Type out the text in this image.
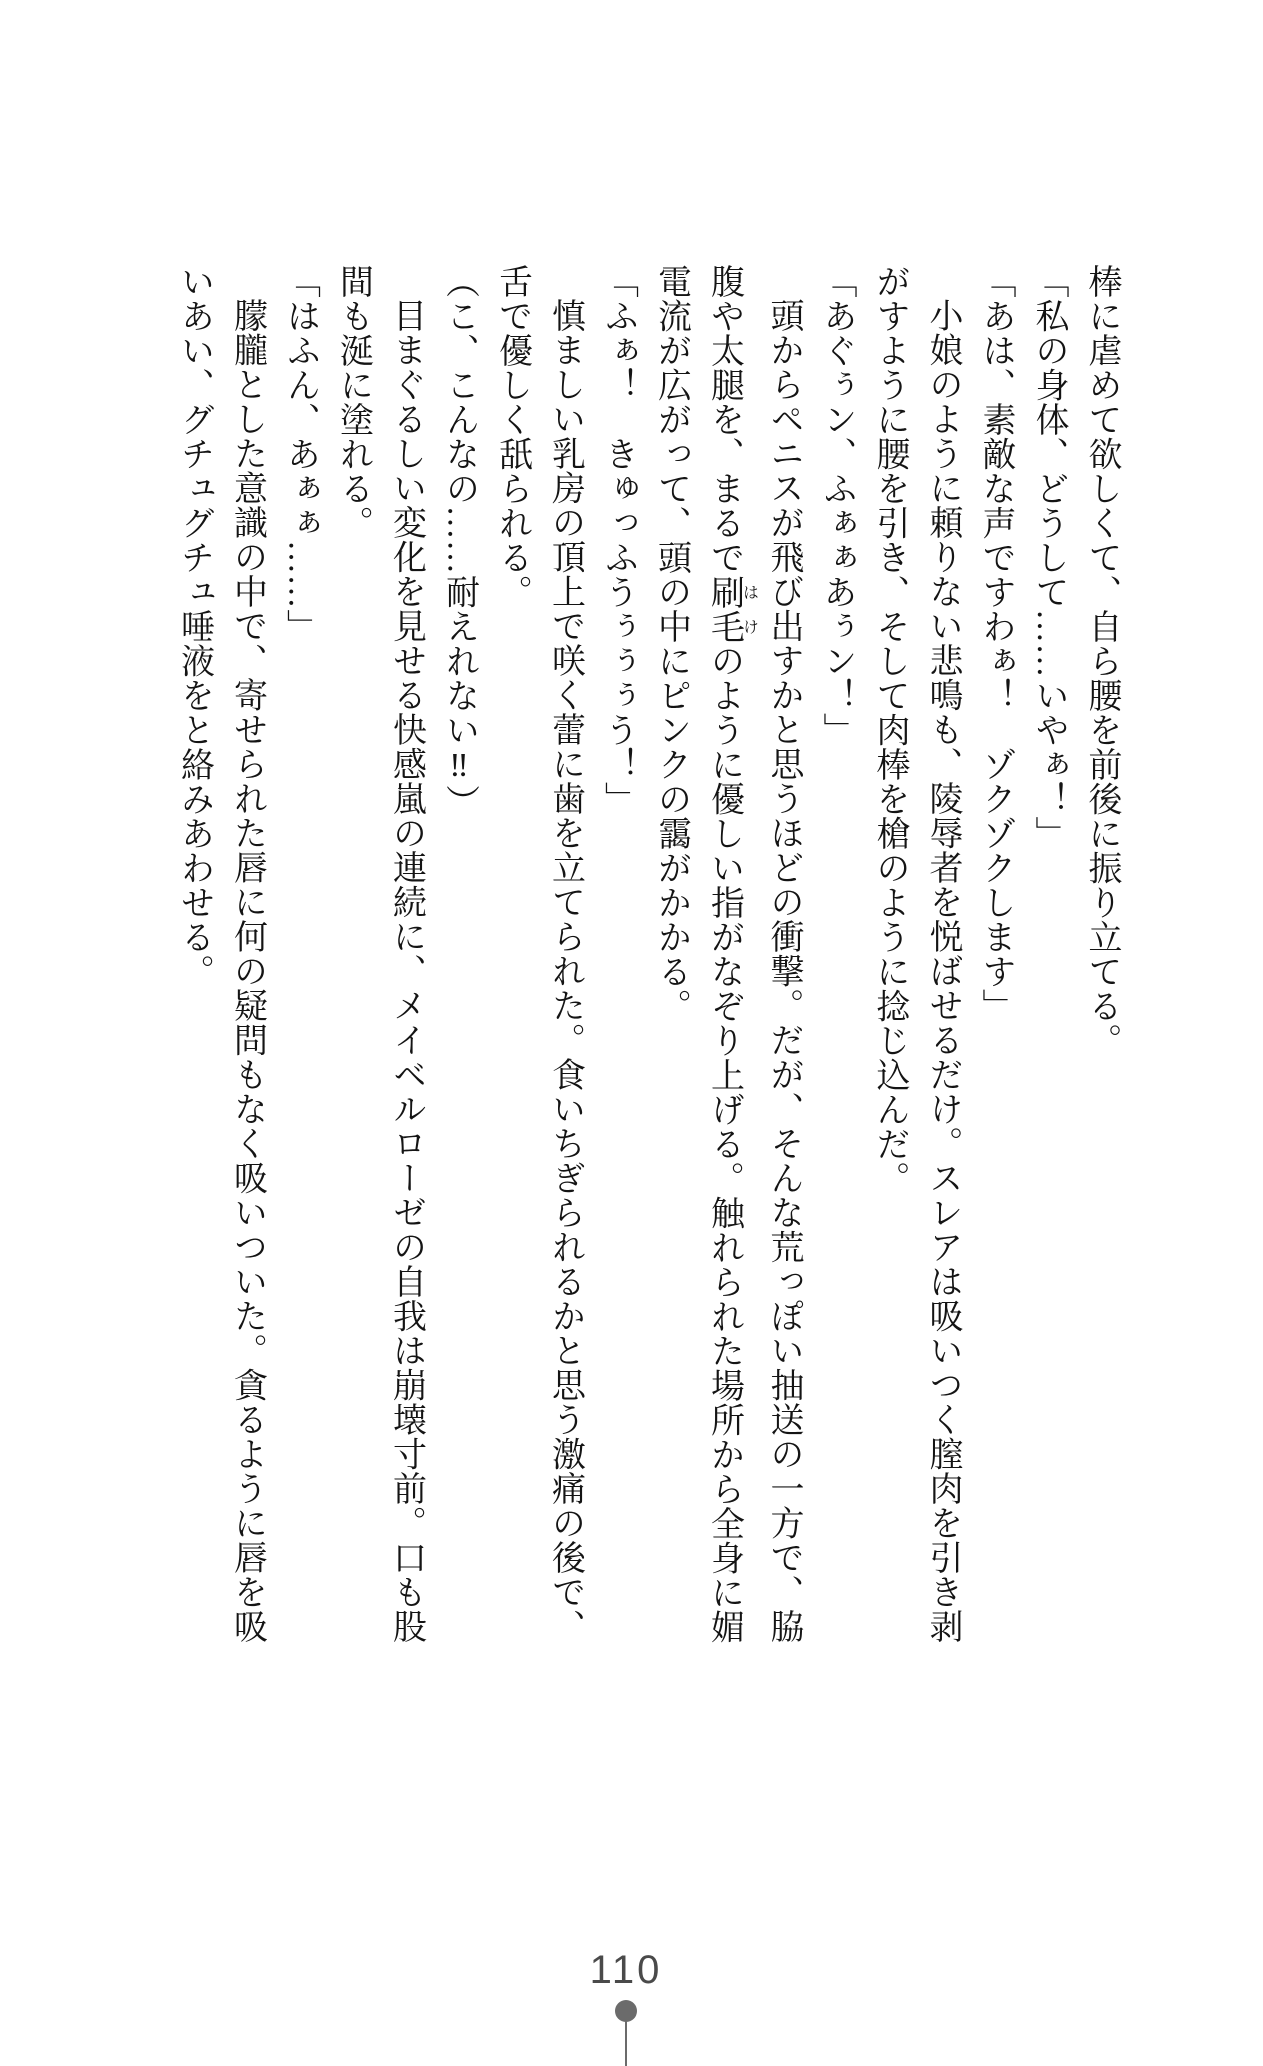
棒に虐めて欲しくて、自ら腰を前後に振り立てる。

「私の身体、どうして……いやぁ！」

「あは、素敵な声ですわぁ！　ゾクゾクします」

小娘のように頼りない悲鳴も、陵辱者を悦ばせるだけ。スレアは吸いつく膣肉を引き剥

がすように腰を引き、そして肉棒を槍のように捻じ込んだ。

「あぐぅン、ふぁぁあぅン！」

頭からペニスが飛び出すかと思うほどの衝撃。だが、そんな荒っぽい抽送の一方で、脇

腹や太腿を、まるで刷毛はけのように優しい指がなぞり上げる。触れられた場所から全身に媚

電流が広がって、頭の中にピンクの靄がかかる。

「ふぁ！　きゅっふうぅぅぅう！」

慎ましい乳房の頂上で咲く蕾に歯を立てられた。食いちぎられるかと思う激痛の後で、

舌で優しく舐られる。

（こ、こんなの……耐えれない‼）

目まぐるしい変化を見せる快感嵐の連続に、メイベルローゼの自我は崩壊寸前。口も股

間も涎に塗れる。

「はふん、あぁぁ……」

朦朧とした意識の中で、寄せられた唇に何の疑問もなく吸いついた。貪るように唇を吸

いあい、グチュグチュ唾液をと絡みあわせる。

110
